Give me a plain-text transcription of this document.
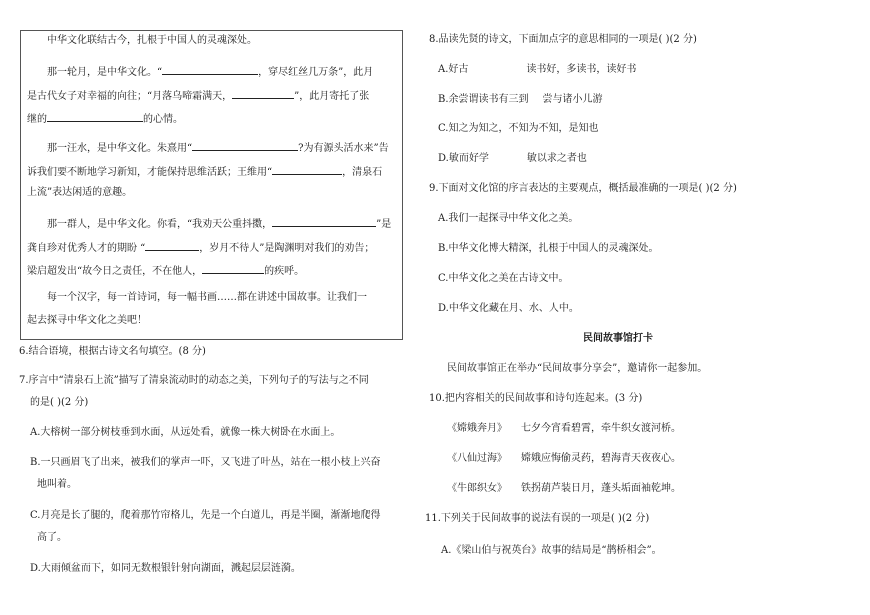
中华文化联结古今，扎根于中国人的灵魂深处。
那一轮月，是中华文化。“	，穿尽红丝几万条”，此月
是古代女子对幸福的向往；“月落乌啼霜满天，	”，此月寄托了张
继的	的心情。
那一汪水，是中华文化。朱熹用“	?为有源头活水来”告
诉我们要不断地学习新知，才能保持思维活跃；王维用“	，清泉石
上流”表达闲适的意趣。
那一群人，是中华文化。你看，“我劝天公重抖擞，	”是
龚自珍对优秀人才的期盼 “	，岁月不待人”是陶渊明对我们的劝告；
梁启超发出“故今日之责任，不在他人，	的疾呼。
每一个汉字，每一首诗词，每一幅书画……都在讲述中国故事。让我们一
起去探寻中华文化之美吧！
6.结合语境，根据古诗文名句填空。(8 分)
7.序言中“清泉石上流”描写了清泉流动时的动态之美，下列句子的写法与之不同
的是( )(2 分)
A.大榕树一部分树枝垂到水面，从远处看，就像一株大树卧在水面上。
B.一只画眉飞了出来，被我们的掌声一吓，又飞进了叶丛，站在一根小枝上兴奋
地叫着。
C.月亮是长了腿的，爬着那竹帘格儿，先是一个白道儿，再是半圈，渐渐地爬得
高了。
D.大雨倾盆而下，如同无数根银针射向湖面，溅起层层涟漪。
8.品读先贤的诗文，下面加点字的意思相同的一项是( )(2 分)
A.好古	读书好，多读书，读好书
B.余尝谓读书有三到 尝与诸小儿游
C.知之为知之，不知为不知，是知也
D.敏而好学	敏以求之者也
9.下面对文化馆的序言表达的主要观点，概括最准确的一项是( )(2 分)
A.我们一起探寻中华文化之美。
B.中华文化博大精深，扎根于中国人的灵魂深处。
C.中华文化之美在古诗文中。
D.中华文化藏在月、水、人中。
民间故事馆打卡
民间故事馆正在举办“民间故事分享会”，邀请你一起参加。
10.把内容相关的民间故事和诗句连起来。(3 分)
《嫦娥奔月》 七夕今宵看碧霄，牵牛织女渡河桥。
《八仙过海》 嫦娥应悔偷灵药，碧海青天夜夜心。
《牛郎织女》 铁拐葫芦装日月，蓬头垢面袖乾坤。
11.下列关于民间故事的说法有误的一项是( )(2 分)
A.《梁山伯与祝英台》故事的结局是“鹊桥相会”。
